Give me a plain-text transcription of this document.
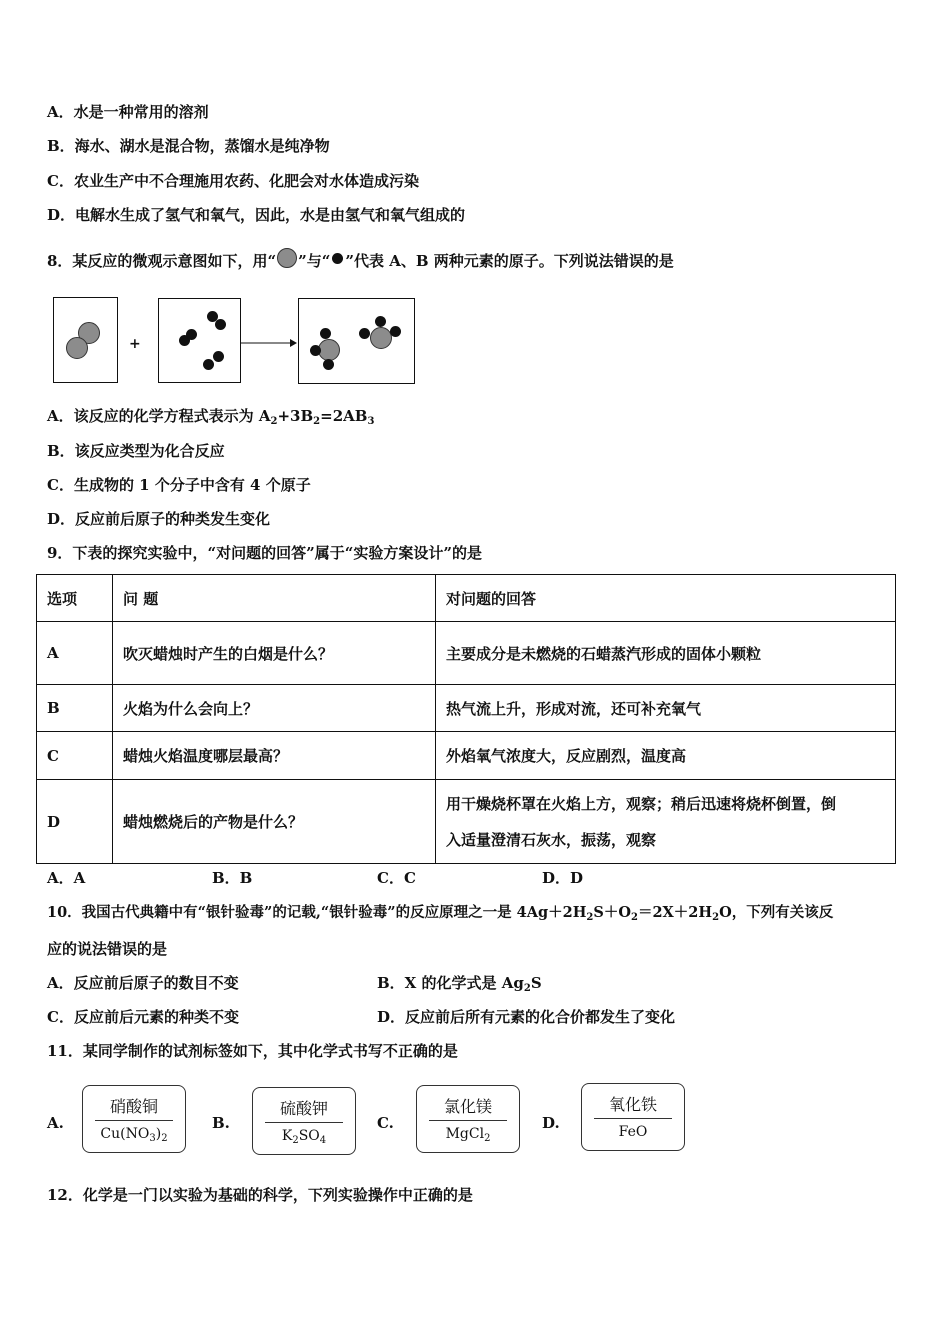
A．水是一种常用的溶剂
B．海水、湖水是混合物，蒸馏水是纯净物
C．农业生产中不合理施用农药、化肥会对水体造成污染
D．电解水生成了氢气和氧气，因此，水是由氢气和氧气组成的
8．某反应的微观示意图如下，用“ ”与“ ”代表 A、B 两种元素的原子。下列说法错误的是
+
A．该反应的化学方程式表示为 $A_2+3B_2=2AB_3$
B．该反应类型为化合反应
C．生成物的 1 个分子中含有 4 个原子
D．反应前后原子的种类发生变化
9．下表的探究实验中，“对问题的回答”属于“实验方案设计”的是
选项	问 题	对问题的回答
A	吹灭蜡烛时产生的白烟是什么？	主要成分是未燃烧的石蜡蒸汽形成的固体小颗粒
B	火焰为什么会向上？	热气流上升，形成对流，还可补充氧气
C	蜡烛火焰温度哪层最高？	外焰氧气浓度大，反应剧烈，温度高
D	蜡烛燃烧后的产物是什么？	用干燥烧杯罩在火焰上方，观察；稍后迅速将烧杯倒置，倒
入适量澄清石灰水，振荡，观察
A．A	B．B	C．C	D．D
10．我国古代典籍中有“银针验毒”的记载,“银针验毒”的反应原理之一是 $4Ag+2H_2S+O_2=2X+2H_2O$，下列有关该反
应的说法错误的是
A．反应前后原子的数目不变	B．X 的化学式是 $Ag_2S$
C．反应前后元素的种类不变	D．反应前后所有元素的化合价都发生了变化
11．某同学制作的试剂标签如下，其中化学式书写不正确的是
A.
硝酸铜
$Cu(NO_3)_2$
B.
硫酸钾
$K_2SO_4$
C.
氯化镁
MgCl$_2$
D.
氧化铁
FeO
12．化学是一门以实验为基础的科学，下列实验操作中正确的是
